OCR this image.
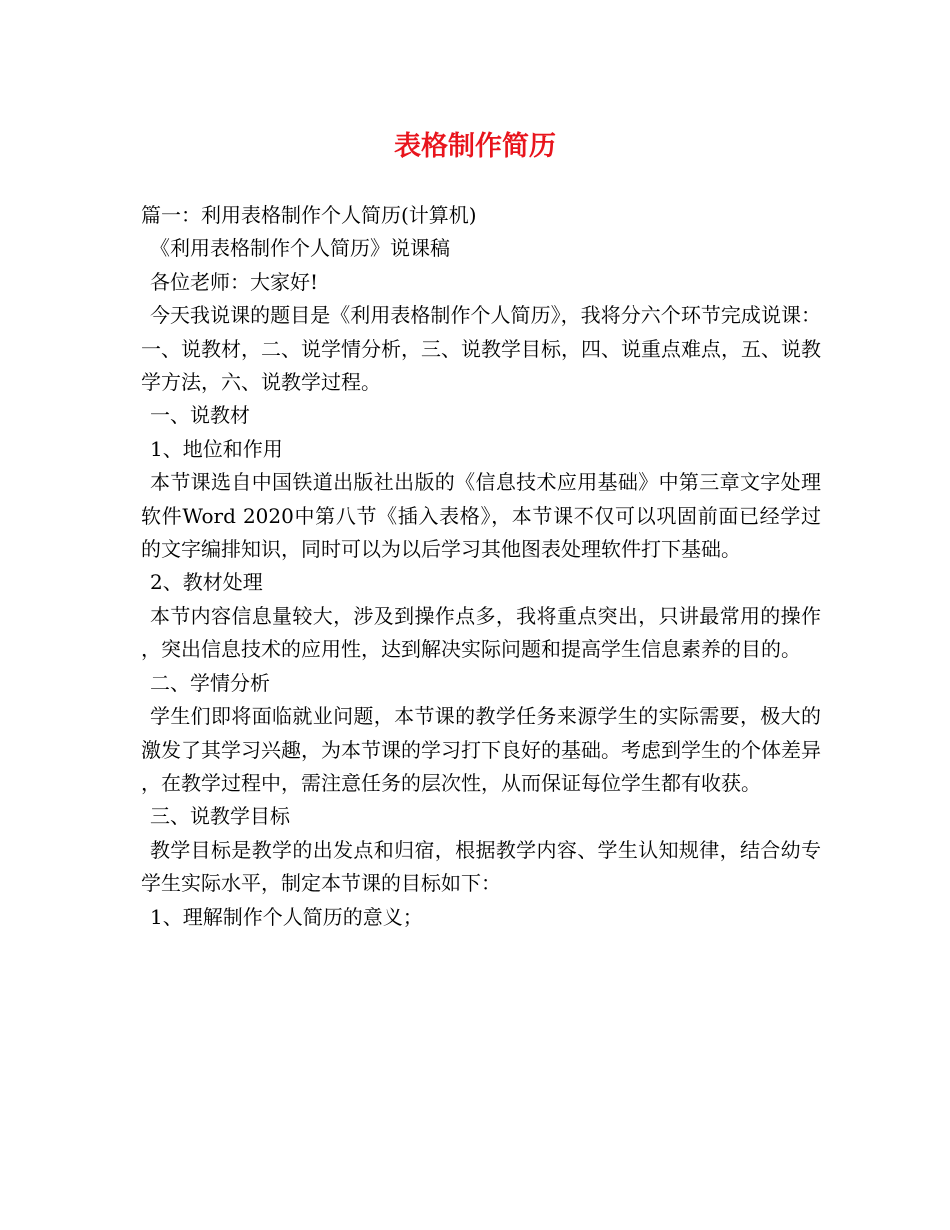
表格制作简历

篇一：利用表格制作个人简历(计算机)

《利用表格制作个人简历》说课稿

各位老师：大家好!

今天我说课的题目是《利用表格制作个人简历》，我将分六个环节完成说课：一、说教材，二、说学情分析，三、说教学目标，四、说重点难点，五、说教学方法，六、说教学过程。

一、说教材

1、地位和作用

本节课选自中国铁道出版社出版的《信息技术应用基础》中第三章文字处理软件Word 2020中第八节《插入表格》，本节课不仅可以巩固前面已经学过的文字编排知识，同时可以为以后学习其他图表处理软件打下基础。

2、教材处理

本节内容信息量较大，涉及到操作点多，我将重点突出，只讲最常用的操作，突出信息技术的应用性，达到解决实际问题和提高学生信息素养的目的。

二、学情分析

学生们即将面临就业问题，本节课的教学任务来源学生的实际需要，极大的激发了其学习兴趣，为本节课的学习打下良好的基础。考虑到学生的个体差异，在教学过程中，需注意任务的层次性，从而保证每位学生都有收获。

三、说教学目标

教学目标是教学的出发点和归宿，根据教学内容、学生认知规律，结合幼专学生实际水平，制定本节课的目标如下：

1、理解制作个人简历的意义；
